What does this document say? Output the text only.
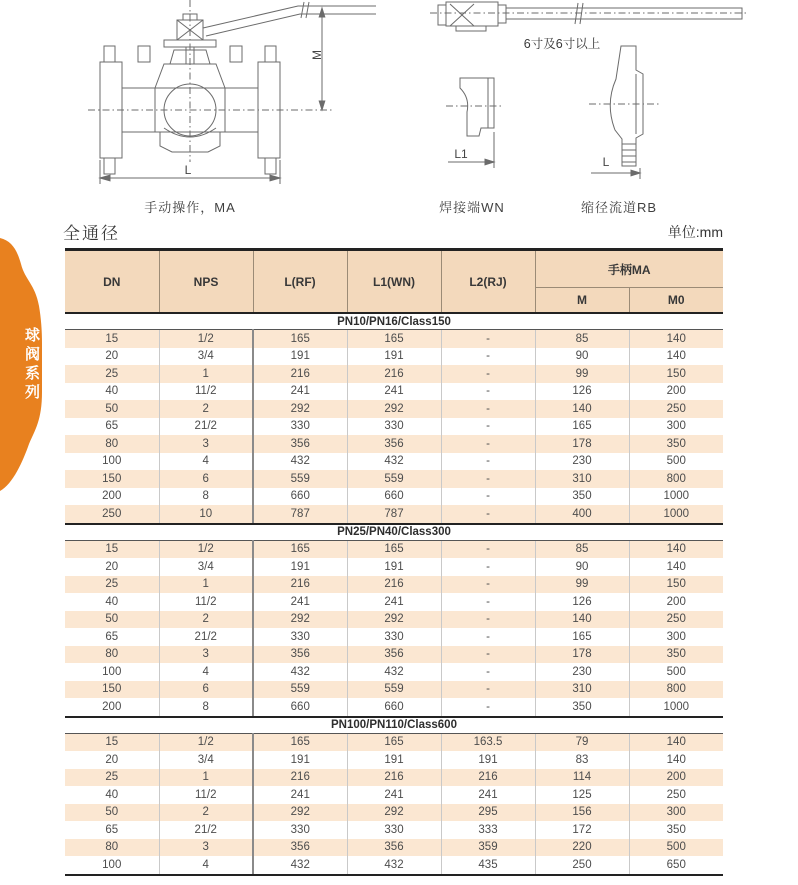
球阀系列
M
L
手动操作，MA
6寸及6寸以上
L1
焊接端WN
L
缩径流道RB
全通径	单位:mm
DN	NPS	L(RF)	L1(WN)	L2(RJ)	手柄MA	
					M	M0
PN10/PN16/Class150						
15	1/2	165	165	-	85	140
20	3/4	191	191	-	90	140
25	1	216	216	-	99	150
40	11/2	241	241	-	126	200
50	2	292	292	-	140	250
65	21/2	330	330	-	165	300
80	3	356	356	-	178	350
100	4	432	432	-	230	500
150	6	559	559	-	310	800
200	8	660	660	-	350	1000
250	10	787	787	-	400	1000
PN25/PN40/Class300						
15	1/2	165	165	-	85	140
20	3/4	191	191	-	90	140
25	1	216	216	-	99	150
40	11/2	241	241	-	126	200
50	2	292	292	-	140	250
65	21/2	330	330	-	165	300
80	3	356	356	-	178	350
100	4	432	432	-	230	500
150	6	559	559	-	310	800
200	8	660	660	-	350	1000
PN100/PN110/Class600						
15	1/2	165	165	163.5	79	140
20	3/4	191	191	191	83	140
25	1	216	216	216	114	200
40	11/2	241	241	241	125	250
50	2	292	292	295	156	300
65	21/2	330	330	333	172	350
80	3	356	356	359	220	500
100	4	432	432	435	250	650
